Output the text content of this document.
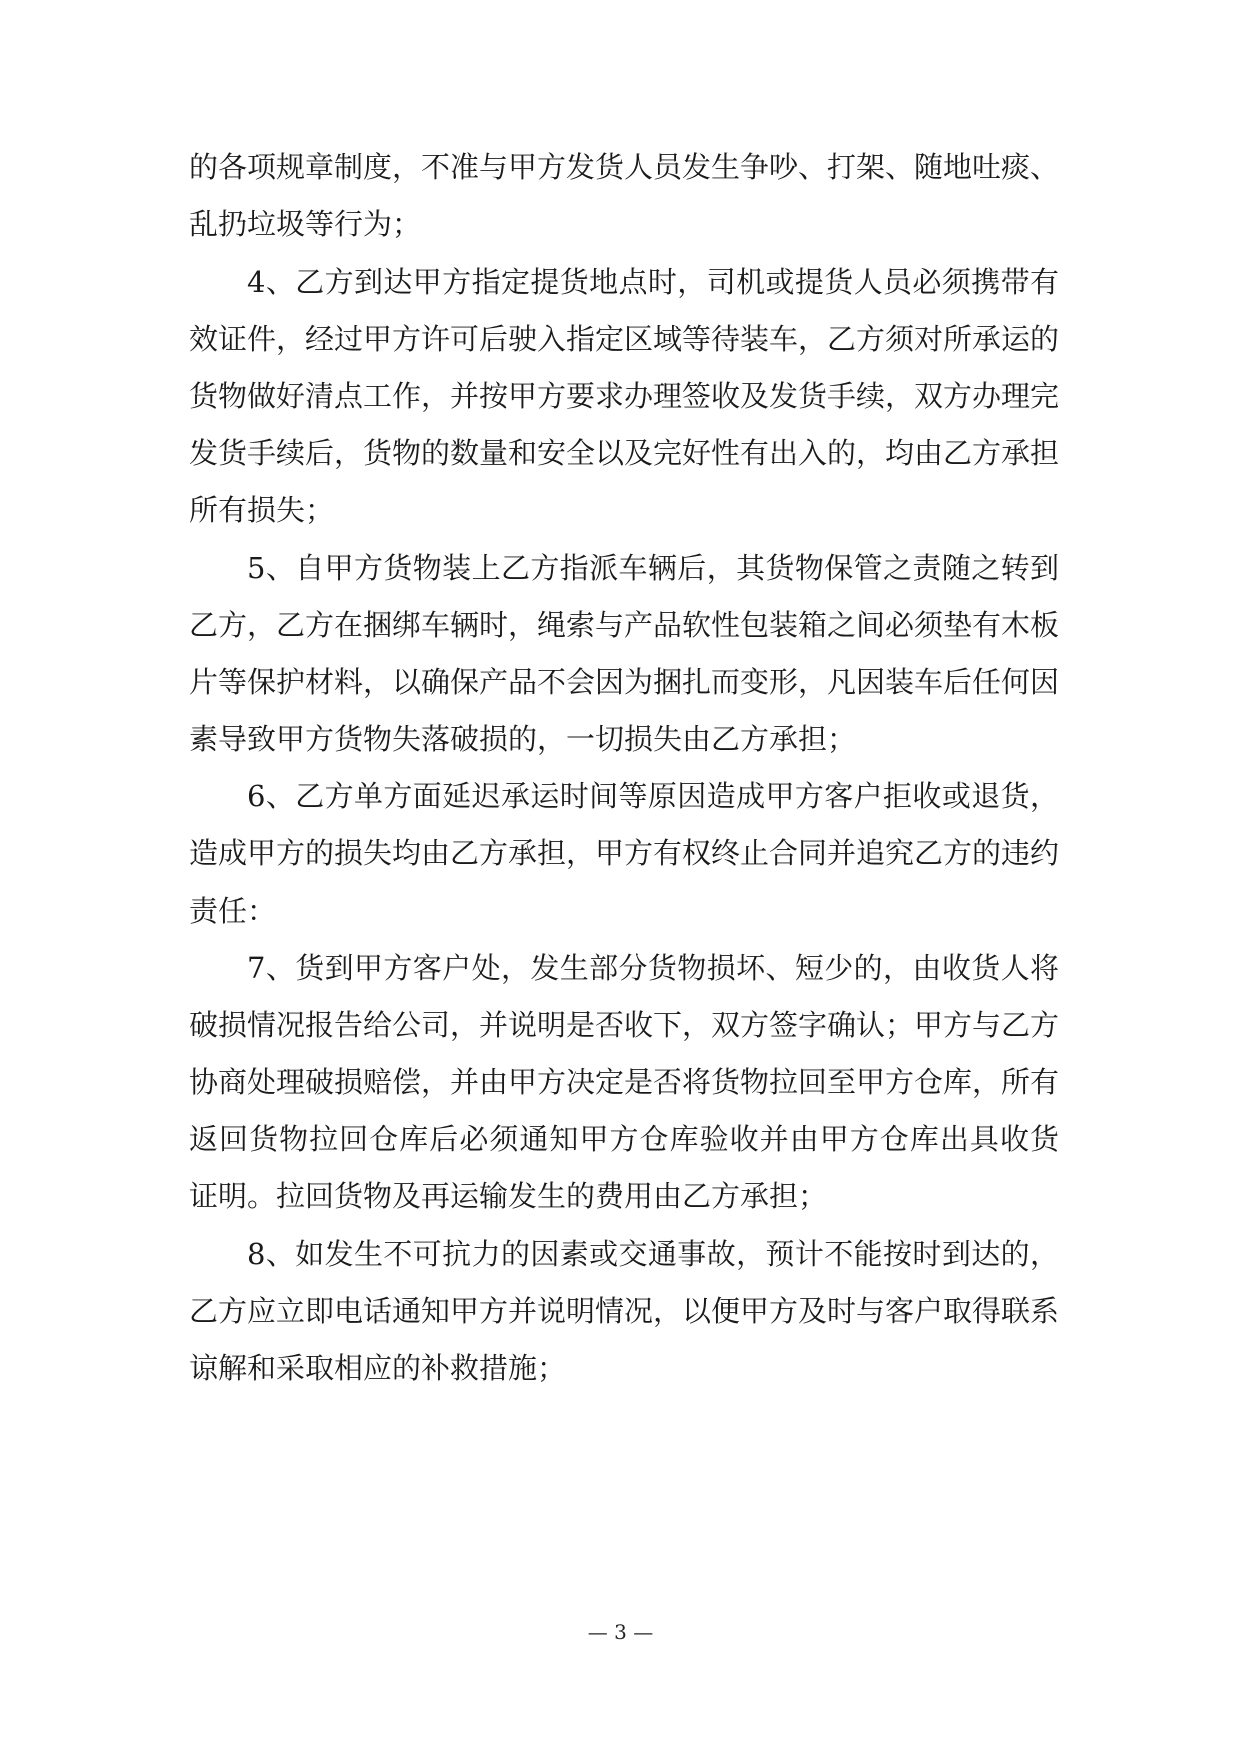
的各项规章制度，不准与甲方发货人员发生争吵、打架、随地吐痰、
乱扔垃圾等行为；
4、乙方到达甲方指定提货地点时，司机或提货人员必须携带有
效证件，经过甲方许可后驶入指定区域等待装车，乙方须对所承运的
货物做好清点工作，并按甲方要求办理签收及发货手续，双方办理完
发货手续后，货物的数量和安全以及完好性有出入的，均由乙方承担
所有损失；
5、自甲方货物装上乙方指派车辆后，其货物保管之责随之转到
乙方，乙方在捆绑车辆时，绳索与产品软性包装箱之间必须垫有木板
片等保护材料，以确保产品不会因为捆扎而变形，凡因装车后任何因
素导致甲方货物失落破损的，一切损失由乙方承担；
6、乙方单方面延迟承运时间等原因造成甲方客户拒收或退货，
造成甲方的损失均由乙方承担，甲方有权终止合同并追究乙方的违约
责任：
7、货到甲方客户处，发生部分货物损坏、短少的，由收货人将
破损情况报告给公司，并说明是否收下，双方签字确认；甲方与乙方
协商处理破损赔偿，并由甲方决定是否将货物拉回至甲方仓库，所有
返回货物拉回仓库后必须通知甲方仓库验收并由甲方仓库出具收货
证明。拉回货物及再运输发生的费用由乙方承担；
8、如发生不可抗力的因素或交通事故，预计不能按时到达的，
乙方应立即电话通知甲方并说明情况，以便甲方及时与客户取得联系
谅解和采取相应的补救措施；
— 3 —
